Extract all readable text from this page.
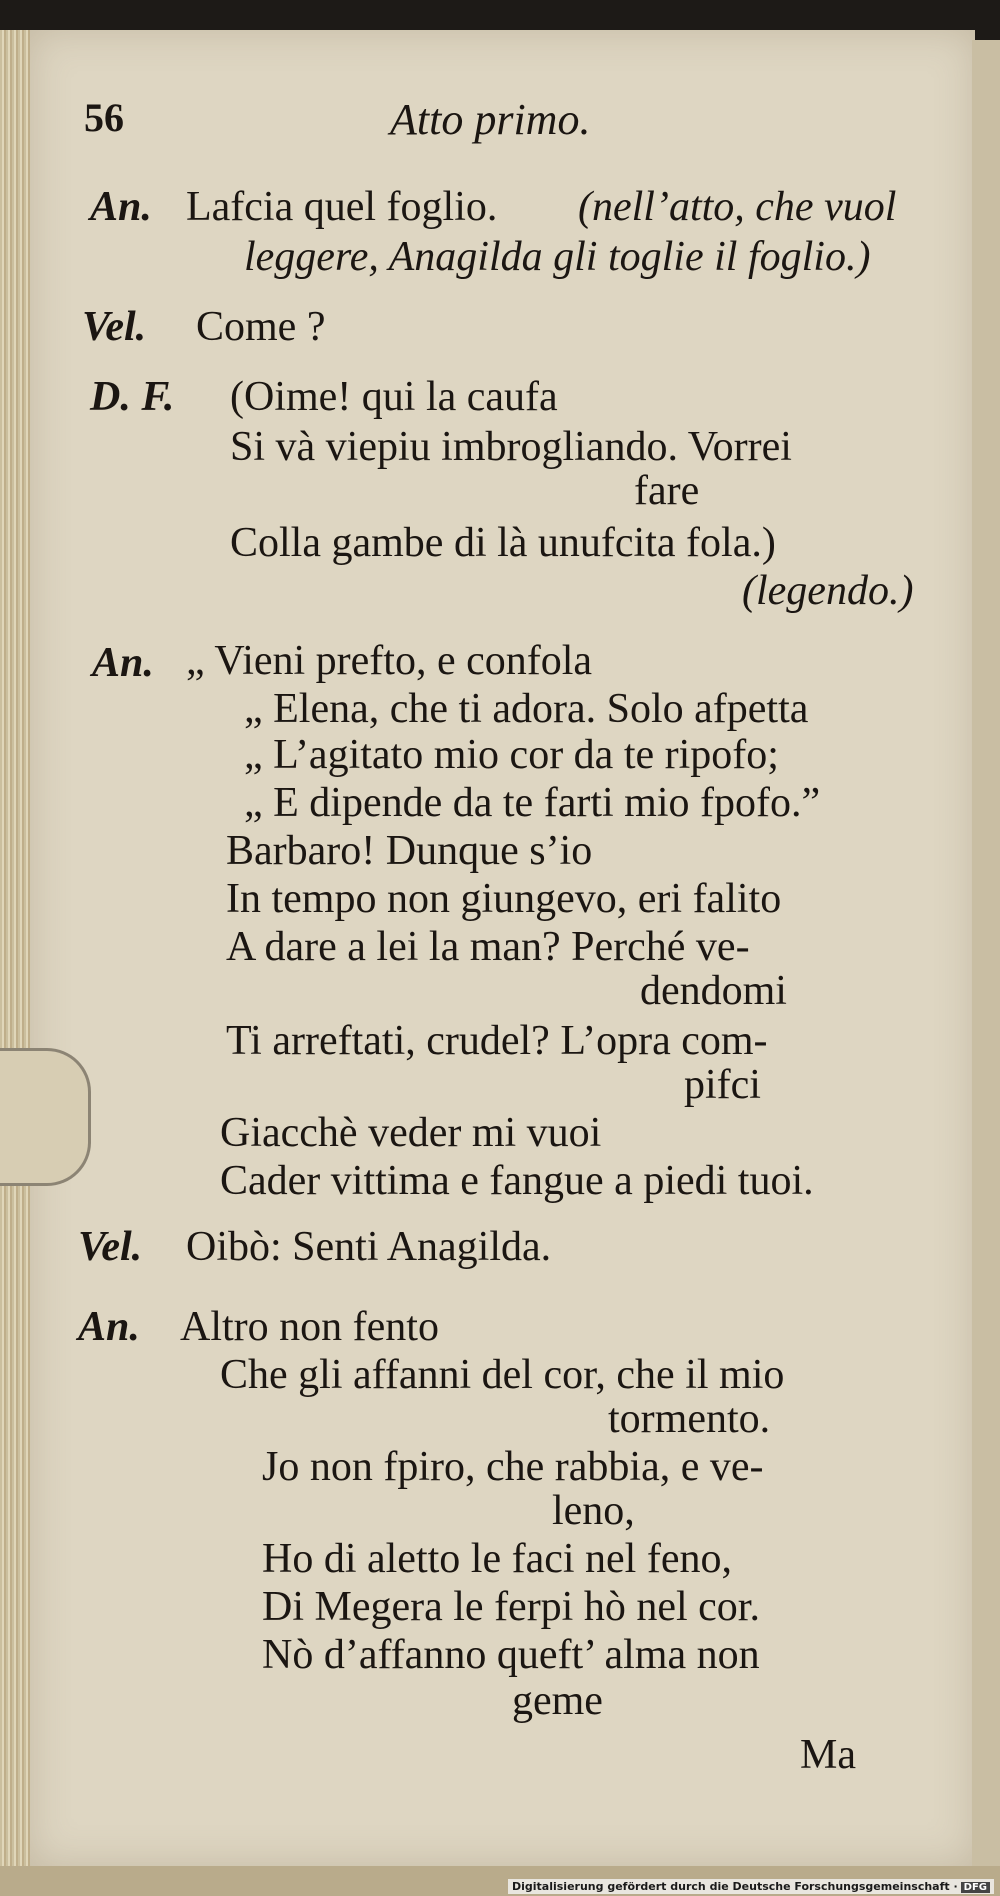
56	Atto primo.
An.
Vel.
D. F.
An.
Vel.
An.
Lafcia quel foglio. (nell’atto, che vuol
leggere, Anagilda gli toglie il foglio.)
Come ?
(Oime! qui la caufa
Si và viepiu imbrogliando. Vorrei
fare
Colla gambe di là unufcita fola.)
(legendo.)
„ Vieni prefto, e confola
„ Elena, che ti adora. Solo afpetta
„ L’agitato mio cor da te ripofo;
„ E dipende da te farti mio fpofo.”
Barbaro! Dunque s’io
In tempo non giungevo, eri falito
A dare a lei la man? Perché ve-
dendomi
Ti arreftati, crudel? L’opra com-
pifci
Giacchè veder mi vuoi
Cader vittima e fangue a piedi tuoi.
Oibò: Senti Anagilda.
Altro non fento
Che gli affanni del cor, che il mio
tormento.
Jo non fpiro, che rabbia, e ve-
leno,
Ho di aletto le faci nel feno,
Di Megera le ferpi hò nel cor.
Nò d’affanno queft’ alma non
geme
Ma
Digitalisierung gefördert durch die Deutsche Forschungsgemeinschaft · DFG
